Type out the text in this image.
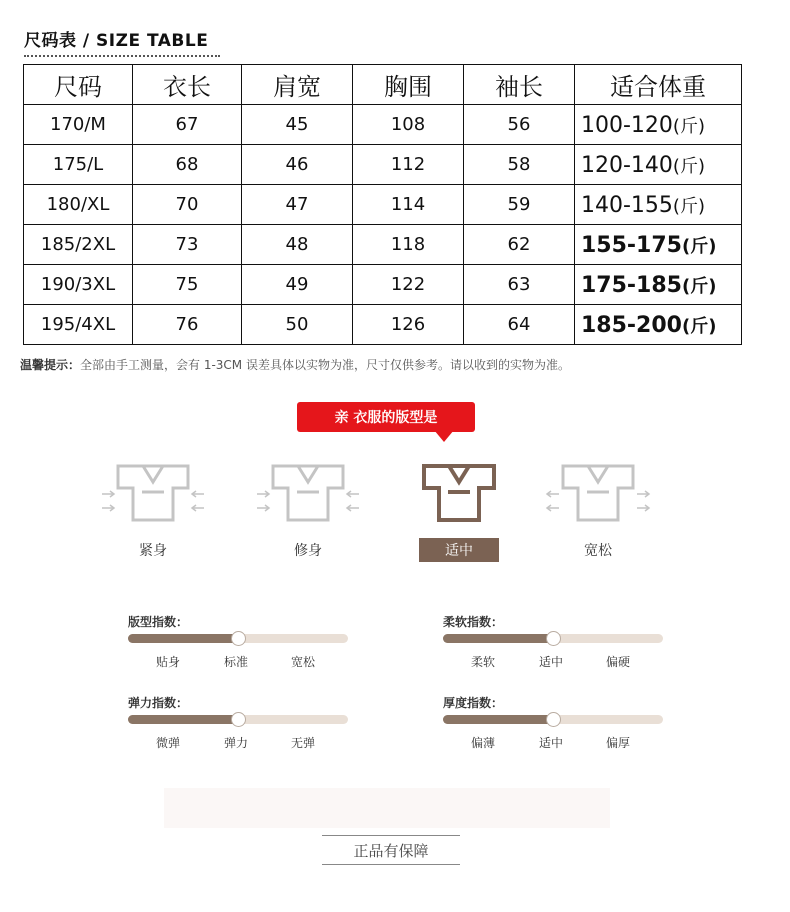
尺码表 / SIZE TABLE
尺码	衣长	肩宽	胸围	袖长	适合体重
170/M	67	45	108	56	100-120(斤)
175/L	68	46	112	58	120-140(斤)
180/XL	70	47	114	59	140-155(斤)
185/2XL	73	48	118	62	155-175(斤)
190/3XL	75	49	122	63	175-185(斤)
195/4XL	76	50	126	64	185-200(斤)
温馨提示：全部由手工测量，会有 1-3CM 误差具体以实物为准，尺寸仅供参考。请以收到的实物为准。
亲 衣服的版型是
紧身	修身	适中	宽松
版型指数：
贴身	标准	宽松
柔软指数：
柔软	适中	偏硬
弹力指数：
微弹	弹力	无弹
厚度指数：
偏薄	适中	偏厚
正品有保障
